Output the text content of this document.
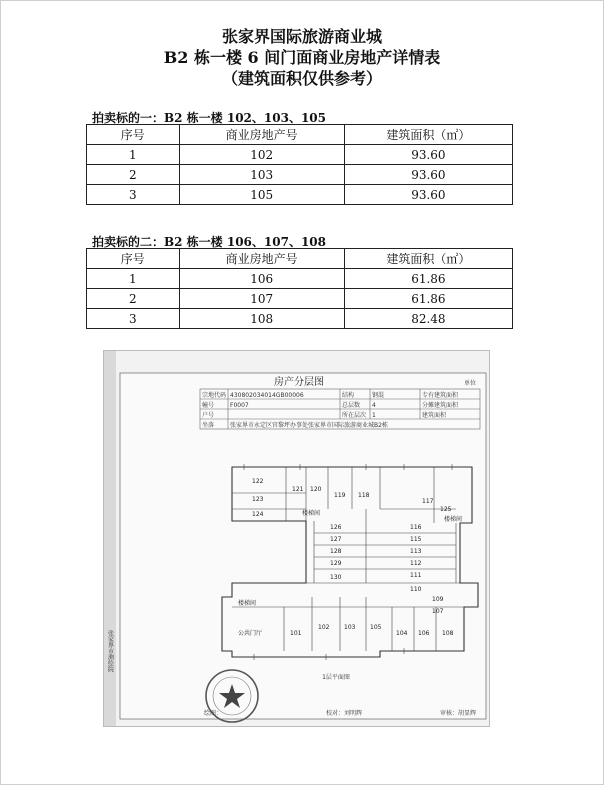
张家界国际旅游商业城
B2 栋一楼 6 间门面商业房地产详情表
（建筑面积仅供参考）
拍卖标的一：B2 栋一楼 102、103、105
序号	商业房地产号	建筑面积（㎡）
1	102	93.60
2	103	93.60
3	105	93.60
拍卖标的二：B2 栋一楼 106、107、108
序号	商业房地产号	建筑面积（㎡）
1	106	61.86
2	107	61.86
3	108	82.48
张家界市测绘院
房产分层图	单位
宗地代码 430802034014GB00006	结构	钢混	专有建筑面积
幢号	F0007	总层数 4	分摊建筑面积
户号	所在层次 1	建筑面积
坐落	张家界市永定区官黎坪办事处张家界市国际旅游商业城B2栋
122
121 120
119 118
117
123
124
125
116
126
115
127
113
128
112
129
111
130
110
109
107
102 103 105
104 106
101	108
楼梯间
楼梯间
楼梯间
公共门厅
1层平面图
绘图：	校对：刘明辉	审核：胡显辉
